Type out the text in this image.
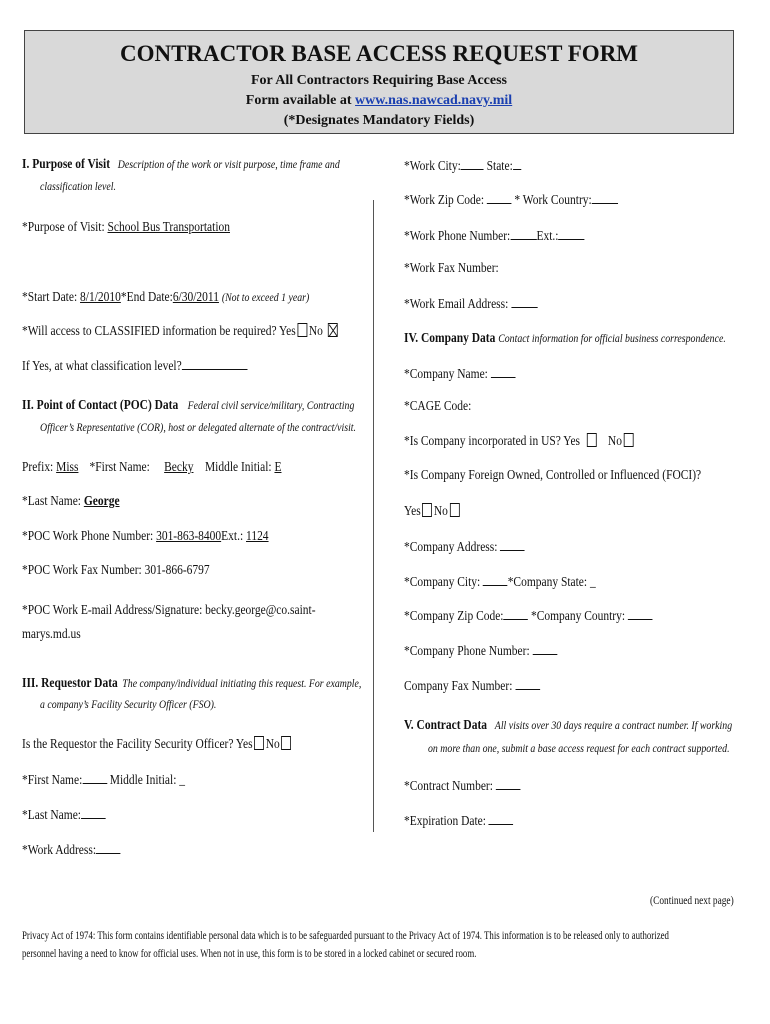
CONTRACTOR BASE ACCESS REQUEST FORM
For All Contractors Requiring Base Access
Form available at www.nas.nawcad.navy.mil
(*Designates Mandatory Fields)
I. Purpose of Visit Description of the work or visit purpose, time frame and
classification level.
*Purpose of Visit: School Bus Transportation
*Start Date: 8/1/2010*End Date:6/30/2011 (Not to exceed 1 year)
*Will access to CLASSIFIED information be required? Yes No
If Yes, at what classification level?
II. Point of Contact (POC) Data Federal civil service/military, Contracting
Officer’s Representative (COR), host or delegated alternate of the contract/visit.
Prefix: Miss *First Name: Becky Middle Initial: E
*Last Name: George
*POC Work Phone Number: 301-863-8400Ext.: 1124
*POC Work Fax Number: 301-866-6797
*POC Work E-mail Address/Signature: becky.george@co.saint-
marys.md.us
III. Requestor Data The company/individual initiating this request. For example,
a company’s Facility Security Officer (FSO).
Is the Requestor the Facility Security Officer? Yes No
*First Name: Middle Initial: _
*Last Name:
*Work Address:
*Work City: State:
*Work Zip Code:  * Work Country:
*Work Phone Number: Ext.:
*Work Fax Number:
*Work Email Address:
IV. Company Data Contact information for official business correspondence.
*Company Name:
*CAGE Code:
*Is Company incorporated in US? Yes No
*Is Company Foreign Owned, Controlled or Influenced (FOCI)?
Yes No
*Company Address:
*Company City: *Company State: _
*Company Zip Code: *Company Country:
*Company Phone Number:
Company Fax Number:
V. Contract Data All visits over 30 days require a contract number. If working
on more than one, submit a base access request for each contract supported.
*Contract Number:
*Expiration Date:
(Continued next page)
Privacy Act of 1974: This form contains identifiable personal data which is to be safeguarded pursuant to the Privacy Act of 1974. This information is to be released only to authorized
personnel having a need to know for official uses. When not in use, this form is to be stored in a locked cabinet or secured room.
